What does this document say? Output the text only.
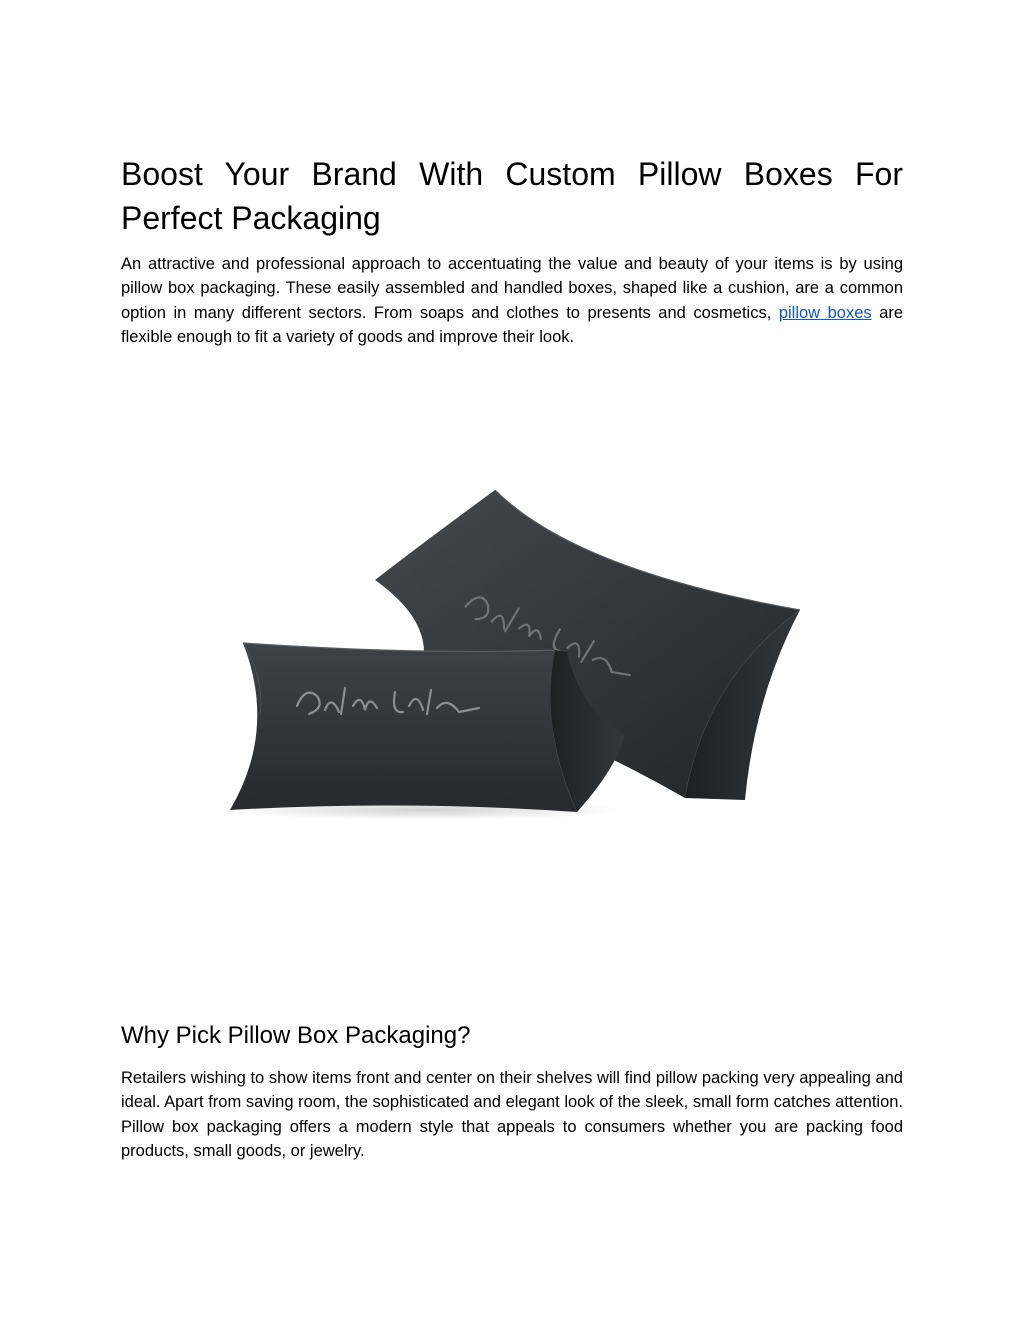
Boost Your Brand With Custom Pillow Boxes For Perfect Packaging

An attractive and professional approach to accentuating the value and beauty of your items is by using pillow box packaging. These easily assembled and handled boxes, shaped like a cushion, are a common option in many different sectors. From soaps and clothes to presents and cosmetics, pillow boxes are flexible enough to fit a variety of goods and improve their look.

Why Pick Pillow Box Packaging?

Retailers wishing to show items front and center on their shelves will find pillow packing very appealing and ideal. Apart from saving room, the sophisticated and elegant look of the sleek, small form catches attention. Pillow box packaging offers a modern style that appeals to consumers whether you are packing food products, small goods, or jewelry.
